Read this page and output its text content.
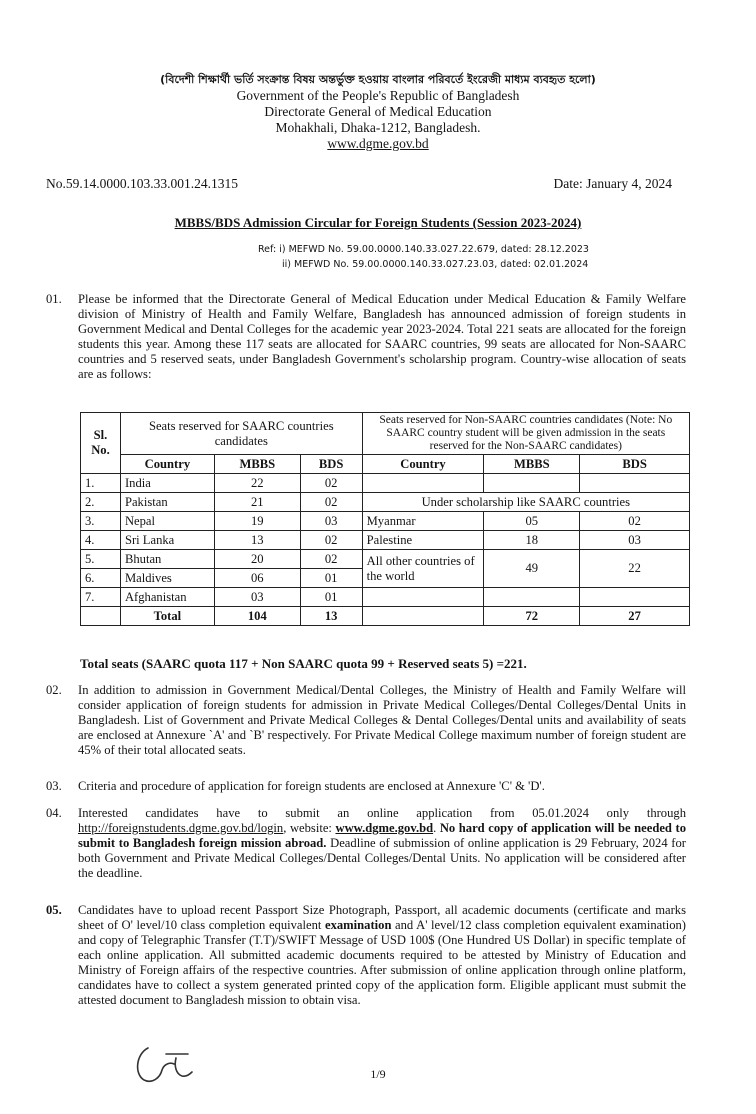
(বিদেশী শিক্ষার্থী ভর্তি সংক্রান্ত বিষয় অন্তর্ভুক্ত হওয়ায় বাংলার পরিবর্তে ইংরেজী মাধ্যম ব্যবহৃত হলো)
Government of the People's Republic of Bangladesh
Directorate General of Medical Education
Mohakhali, Dhaka-1212, Bangladesh.
www.dgme.gov.bd
No.59.14.0000.103.33.001.24.1315	Date: January 4, 2024
MBBS/BDS Admission Circular for Foreign Students (Session 2023-2024)
Ref: i) MEFWD No. 59.00.0000.140.33.027.22.679, dated: 28.12.2023
ii) MEFWD No. 59.00.0000.140.33.027.23.03, dated: 02.01.2024
01. Please be informed that the Directorate General of Medical Education under Medical Education & Family Welfare division of Ministry of Health and Family Welfare, Bangladesh has announced admission of foreign students in Government Medical and Dental Colleges for the academic year 2023-2024. Total 221 seats are allocated for the foreign students this year. Among these 117 seats are allocated for SAARC countries, 99 seats are allocated for Non-SAARC countries and 5 reserved seats, under Bangladesh Government's scholarship program. Country-wise allocation of seats are as follows:
Sl. No.	Seats reserved for SAARC countries candidates			Seats reserved for Non-SAARC countries candidates (Note: No SAARC country student will be given admission in the seats reserved for the Non-SAARC candidates)		
	Country	MBBS	BDS	Country	MBBS	BDS
1.	India	22	02			
2.	Pakistan	21	02	Under scholarship like SAARC countries		
3.	Nepal	19	03	Myanmar	05	02
4.	Sri Lanka	13	02	Palestine	18	03
5.	Bhutan	20	02	All other countries of the world	49	22
6.	Maldives	06	01			
7.	Afghanistan	03	01			
	Total	104	13		72	27
Total seats (SAARC quota 117 + Non SAARC quota 99 + Reserved seats 5) =221.
02. In addition to admission in Government Medical/Dental Colleges, the Ministry of Health and Family Welfare will consider application of foreign students for admission in Private Medical Colleges/Dental Colleges/Dental Units in Bangladesh. List of Government and Private Medical Colleges & Dental Colleges/Dental units and availability of seats are enclosed at Annexure `A' and `B' respectively. For Private Medical College maximum number of foreign student are 45% of their total allocated seats.
03. Criteria and procedure of application for foreign students are enclosed at Annexure 'C' & 'D'.
04. Interested candidates have to submit an online application from 05.01.2024 only through http://foreignstudents.dgme.gov.bd/login, website: www.dgme.gov.bd. No hard copy of application will be needed to submit to Bangladesh foreign mission abroad. Deadline of submission of online application is 29 February, 2024 for both Government and Private Medical Colleges/Dental Colleges/Dental Units. No application will be considered after the deadline.
05. Candidates have to upload recent Passport Size Photograph, Passport, all academic documents (certificate and marks sheet of O' level/10 class completion equivalent examination and A' level/12 class completion equivalent examination) and copy of Telegraphic Transfer (T.T)/SWIFT Message of USD 100$ (One Hundred US Dollar) in specific template of each online application. All submitted academic documents required to be attested by Ministry of Education and Ministry of Foreign affairs of the respective countries. After submission of online application through online platform, candidates have to collect a system generated printed copy of the application form. Eligible applicant must submit the attested document to Bangladesh mission to obtain visa.
1/9
